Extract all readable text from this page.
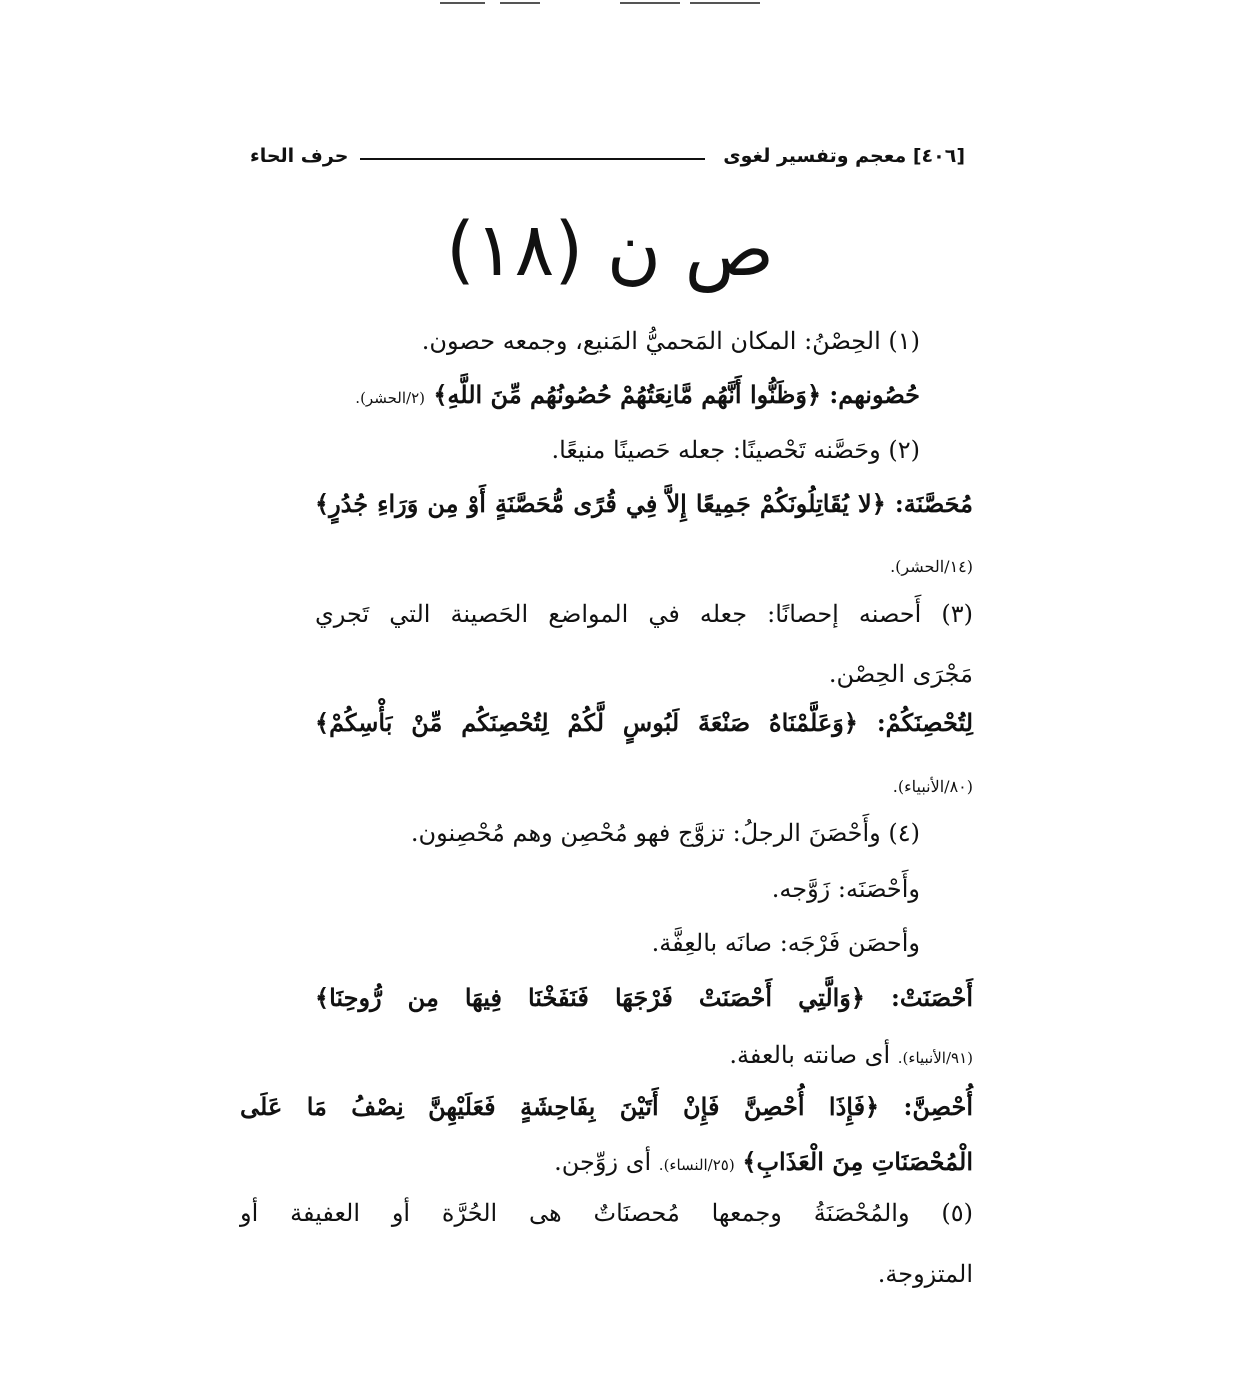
[٤٠٦] معجم وتفسير لغوى
حرف الحاء
ص ن (١٨)
(١) الحِصْنُ: المكان المَحميُّ المَنيع، وجمعه حصون.
حُصُونهم: ﴿وَظَنُّوا أَنَّهُم مَّانِعَتُهُمْ حُصُونُهُم مِّنَ اللَّهِ﴾ (٢/الحشر).
(٢) وحَصَّنه تَحْصينًا: جعله حَصينًا منيعًا.
مُحَصَّنَة: ﴿لا يُقَاتِلُونَكُمْ جَمِيعًا إِلاَّ فِي قُرًى مُّحَصَّنَةٍ أَوْ مِن وَرَاءِ جُدُرٍ﴾
(١٤/الحشر).
(٣) أَحصنه إحصانًا: جعله في المواضع الحَصينة التي تَجري
مَجْرَى الحِصْن.
لِتُحْصِنَكُمْ: ﴿وَعَلَّمْنَاهُ صَنْعَةَ لَبُوسٍ لَّكُمْ لِتُحْصِنَكُم مِّنْ بَأْسِكُمْ﴾
(٨٠/الأنبياء).
(٤) وأَحْصَنَ الرجلُ: تزوَّج فهو مُحْصِن وهم مُحْصِنون.
وأَحْصَنَه: زَوَّجه.
وأحصَن فَرْجَه: صانَه بالعِفَّة.
أَحْصَنَتْ: ﴿وَالَّتِي أَحْصَنَتْ فَرْجَهَا فَنَفَخْنَا فِيهَا مِن رُّوحِنَا﴾
(٩١/الأنبياء). أى صانته بالعفة.
أُحْصِنَّ: ﴿فَإِذَا أُحْصِنَّ فَإِنْ أَتَيْنَ بِفَاحِشَةٍ فَعَلَيْهِنَّ نِصْفُ مَا عَلَى
الْمُحْصَنَاتِ مِنَ الْعَذَابِ﴾ (٢٥/النساء). أى زوِّجن.
(٥) والمُحْصَنَةُ وجمعها مُحصنَاتٌ هى الحُرَّة أو العفيفة أو
المتزوجة.
